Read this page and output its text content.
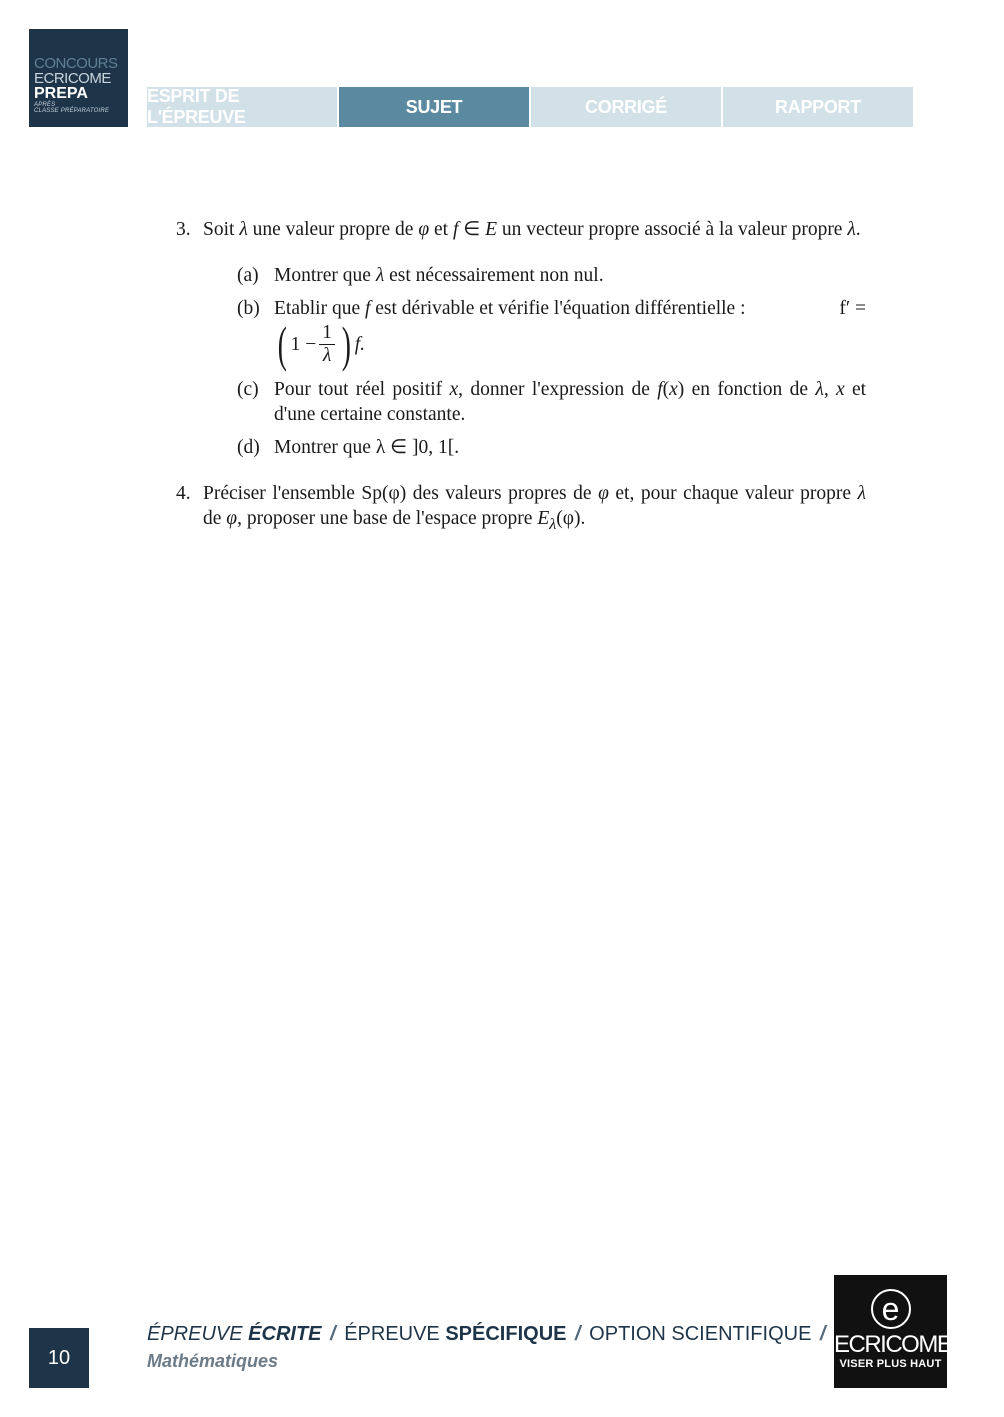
CONCOURS
ECRICOME
PREPA
APRÈS
CLASSE PRÉPARATOIRE
ESPRIT DE L'ÉPREUVE
SUJET	CORRIGÉ	RAPPORT
3. Soit λ une valeur propre de φ et f ∈ E un vecteur propre associé à la valeur propre λ.
(a) Montrer que λ est nécessairement non nul.
(b) Etablir que f est dérivable et vérifie l'équation différentielle :	f′ =
( $1 - \frac{1}{\lambda}$ ) f.
(c) Pour tout réel positif x, donner l'expression de f(x) en fonction de λ, x et d'une certaine constante.
(d) Montrer que λ ∈ ]0, 1[.
4. Préciser l'ensemble Sp(φ) des valeurs propres de φ et, pour chaque valeur propre λ de φ, proposer une base de l'espace propre $E_\lambda(\varphi)$.
10
ÉPREUVE ÉCRITE / ÉPREUVE SPÉCIFIQUE / OPTION SCIENTIFIQUE /
Mathématiques
e
ECRICOME
VISER PLUS HAUT
